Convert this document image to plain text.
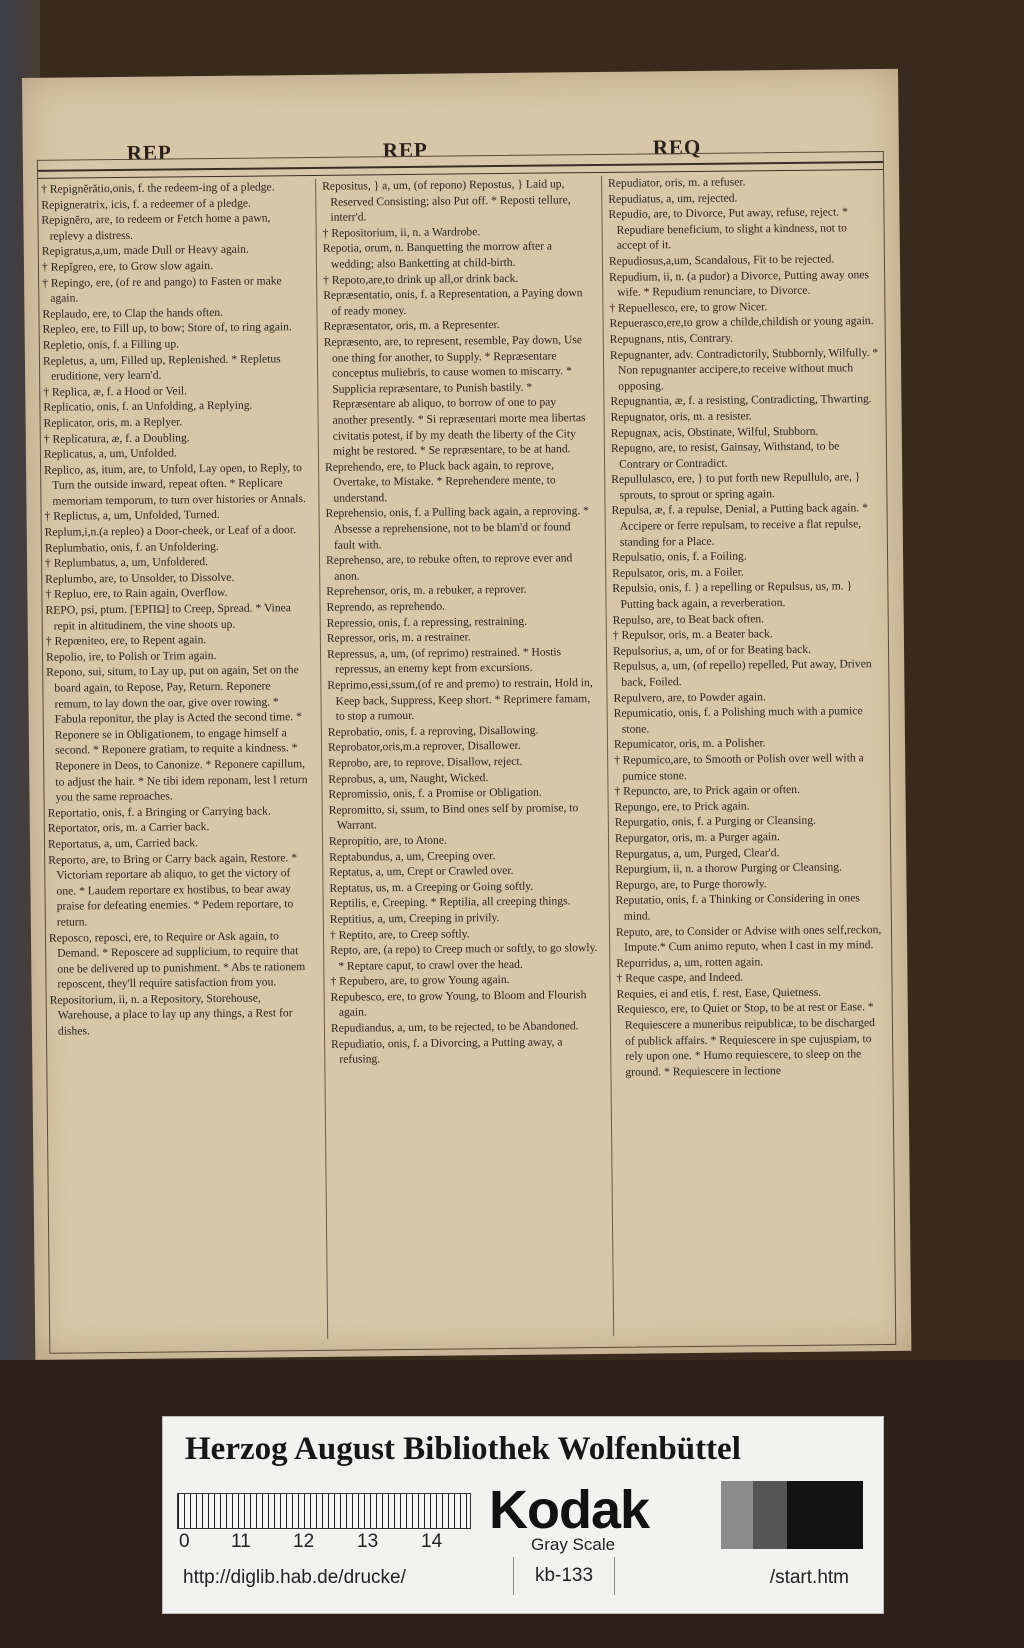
REP	REP	REQ

† Repignĕrătio,onis, f. the redeem-ing of a pledge.

Repigneratrix, icis, f. a redeemer of a pledge.

Repignĕro, are, to redeem or Fetch home a pawn, replevy a distress.

Repigratus,a,um, made Dull or Heavy again.

† Repĭgreo, ere, to Grow slow again.

† Repingo, ere, (of re and pango) to Fasten or make again.

Replaudo, ere, to Clap the hands often.

Repleo, ere, to Fill up, to bow; Store of, to ring again.

Repletio, onis, f. a Filling up.

Repletus, a, um, Filled up, Replenished. * Repletus eruditione, very learn'd.

† Replica, æ, f. a Hood or Veil.

Replicatio, onis, f. an Unfolding, a Replying.

Replicator, oris, m. a Replyer.

† Replicatura, æ, f. a Doubling.

Replicatus, a, um, Unfolded.

Replico, as, itum, are, to Unfold, Lay open, to Reply, to Turn the outside inward, repeat often. * Replicare memoriam temporum, to turn over histories or Annals.

† Replictus, a, um, Unfolded, Turned.

Replum,i,n.(a repleo) a Door-cheek, or Leaf of a door.

Replumbatio, onis, f. an Unfoldering.

† Replumbatus, a, um, Unfoldered.

Replumbo, are, to Unsolder, to Dissolve.

† Repluo, ere, to Rain again, Overflow.

REPO, psi, ptum. [ΈΡΠΩ] to Creep, Spread. * Vinea repit in altitudinem, the vine shoots up.

† Repœniteo, ere, to Repent again.

Repolio, ire, to Polish or Trim again.

Repono, sui, situm, to Lay up, put on again, Set on the board again, to Repose, Pay, Return. Reponere remum, to lay down the oar, give over rowing. * Fabula reponitur, the play is Acted the second time. * Reponere se in Obligationem, to engage himself a second. * Reponere gratiam, to requite a kindness. * Reponere in Deos, to Canonize. * Reponere capillum, to adjust the hair. * Ne tibi idem reponam, lest I return you the same reproaches.

Reportatio, onis, f. a Bringing or Carrying back.

Reportator, oris, m. a Carrier back.

Reportatus, a, um, Carried back.

Reporto, are, to Bring or Carry back again, Restore. * Victoriam reportare ab aliquo, to get the victory of one. * Laudem reportare ex hostibus, to bear away praise for defeating enemies. * Pedem reportare, to return.

Reposco, reposci, ere, to Require or Ask again, to Demand. * Reposcere ad supplicium, to require that one be delivered up to punishment. * Abs te rationem reposcent, they'll require satisfaction from you.

Repositorium, ii, n. a Repository, Storehouse, Warehouse, a place to lay up any things, a Rest for dishes.

Repositus, } a, um, (of repono) Repostus, } Laid up, Reserved Consisting; also Put off. * Reposti tellure, interr'd.

† Repositorium, ii, n. a Wardrobe.

Repotia, orum, n. Banquetting the morrow after a wedding; also Banketting at child-birth.

† Repoto,are,to drink up all,or drink back.

Repræsentatio, onis, f. a Representation, a Paying down of ready money.

Repræsentator, oris, m. a Representer.

Repræsento, are, to represent, resemble, Pay down, Use one thing for another, to Supply. * Repræsentare conceptus muliebris, to cause women to miscarry. * Supplicia repræsentare, to Punish bastily. * Repræsentare ab aliquo, to borrow of one to pay another presently. * Si repræsentari morte mea libertas civitatis potest, if by my death the liberty of the City might be restored. * Se repræsentare, to be at hand.

Reprehendo, ere, to Pluck back again, to reprove, Overtake, to Mistake. * Reprehendere mente, to understand.

Reprehensio, onis, f. a Pulling back again, a reproving. * Absesse a reprehensione, not to be blam'd or found fault with.

Reprehenso, are, to rebuke often, to reprove ever and anon.

Reprehensor, oris, m. a rebuker, a reprover.

Reprendo, as reprehendo.

Repressio, onis, f. a repressing, restraining.

Repressor, oris, m. a restrainer.

Repressus, a, um, (of reprimo) restrained. * Hostis repressus, an enemy kept from excursions.

Reprimo,essi,ssum,(of re and premo) to restrain, Hold in, Keep back, Suppress, Keep short. * Reprimere famam, to stop a rumour.

Reprobatio, onis, f. a reproving, Disallowing.

Reprobator,oris,m.a reprover, Disallower.

Reprobo, are, to reprove, Disallow, reject.

Reprobus, a, um, Naught, Wicked.

Repromissio, onis, f. a Promise or Obligation.

Repromitto, si, ssum, to Bind ones self by promise, to Warrant.

Repropitio, are, to Atone.

Reptabundus, a, um, Creeping over.

Reptatus, a, um, Crept or Crawled over.

Reptatus, us, m. a Creeping or Going softly.

Reptilis, e, Creeping. * Reptilia, all creeping things.

Reptitius, a, um, Creeping in privily.

† Reptito, are, to Creep softly.

Repto, are, (a repo) to Creep much or softly, to go slowly. * Reptare caput, to crawl over the head.

† Repubero, are, to grow Young again.

Repubesco, ere, to grow Young, to Bloom and Flourish again.

Repudiandus, a, um, to be rejected, to be Abandoned.

Repudiatio, onis, f. a Divorcing, a Putting away, a refusing.

Repudiator, oris, m. a refuser.

Repudiatus, a, um, rejected.

Repudio, are, to Divorce, Put away, refuse, reject. * Repudiare beneficium, to slight a kindness, not to accept of it.

Repudiosus,a,um, Scandalous, Fit to be rejected.

Repudium, ii, n. (a pudor) a Divorce, Putting away ones wife. * Repudium renunciare, to Divorce.

† Repuellesco, ere, to grow Nicer.

Repuerasco,ere,to grow a childe,childish or young again.

Repugnans, ntis, Contrary.

Repugnanter, adv. Contradictorily, Stubbornly, Wilfully. * Non repugnanter accipere,to receive without much opposing.

Repugnantia, æ, f. a resisting, Contradicting, Thwarting.

Repugnator, oris, m. a resister.

Repugnax, acis, Obstinate, Wilful, Stubborn.

Repugno, are, to resist, Gainsay, Withstand, to be Contrary or Contradict.

Repullulasco, ere, } to put forth new Repullulo, are, } sprouts, to sprout or spring again.

Repulsa, æ, f. a repulse, Denial, a Putting back again. * Accipere or ferre repulsam, to receive a flat repulse, standing for a Place.

Repulsatio, onis, f. a Foiling.

Repulsator, oris, m. a Foiler.

Repulsio, onis, f. } a repelling or Repulsus, us, m. } Putting back again, a reverberation.

Repulso, are, to Beat back often.

† Repulsor, oris, m. a Beater back.

Repulsorius, a, um, of or for Beating back.

Repulsus, a, um, (of repello) repelled, Put away, Driven back, Foiled.

Repulvero, are, to Powder again.

Repumicatio, onis, f. a Polishing much with a pumice stone.

Repumicator, oris, m. a Polisher.

† Repumico,are, to Smooth or Polish over well with a pumice stone.

† Repuncto, are, to Prick again or often.

Repungo, ere, to Prick again.

Repurgatio, onis, f. a Purging or Cleansing.

Repurgator, oris, m. a Purger again.

Repurgatus, a, um, Purged, Clear'd.

Repurgium, ii, n. a thorow Purging or Cleansing.

Repurgo, are, to Purge thorowly.

Reputatio, onis, f. a Thinking or Considering in ones mind.

Reputo, are, to Consider or Advise with ones self,reckon, Impute.* Cum animo reputo, when I cast in my mind.

Repurridus, a, um, rotten again.

† Reque caspe, and Indeed.

Requies, ei and etis, f. rest, Ease, Quietness.

Requiesco, ere, to Quiet or Stop, to be at rest or Ease. * Requiescere a muneribus reipublicæ, to be discharged of publick affairs. * Requiescere in spe cujuspiam, to rely upon one. * Humo requiescere, to sleep on the ground. * Requiescere in lectione

Herzog August Bibliothek Wolfenbüttel
0 11 12 13 14
Kodak
Gray Scale
http://diglib.hab.de/drucke/	kb-133	/start.htm
